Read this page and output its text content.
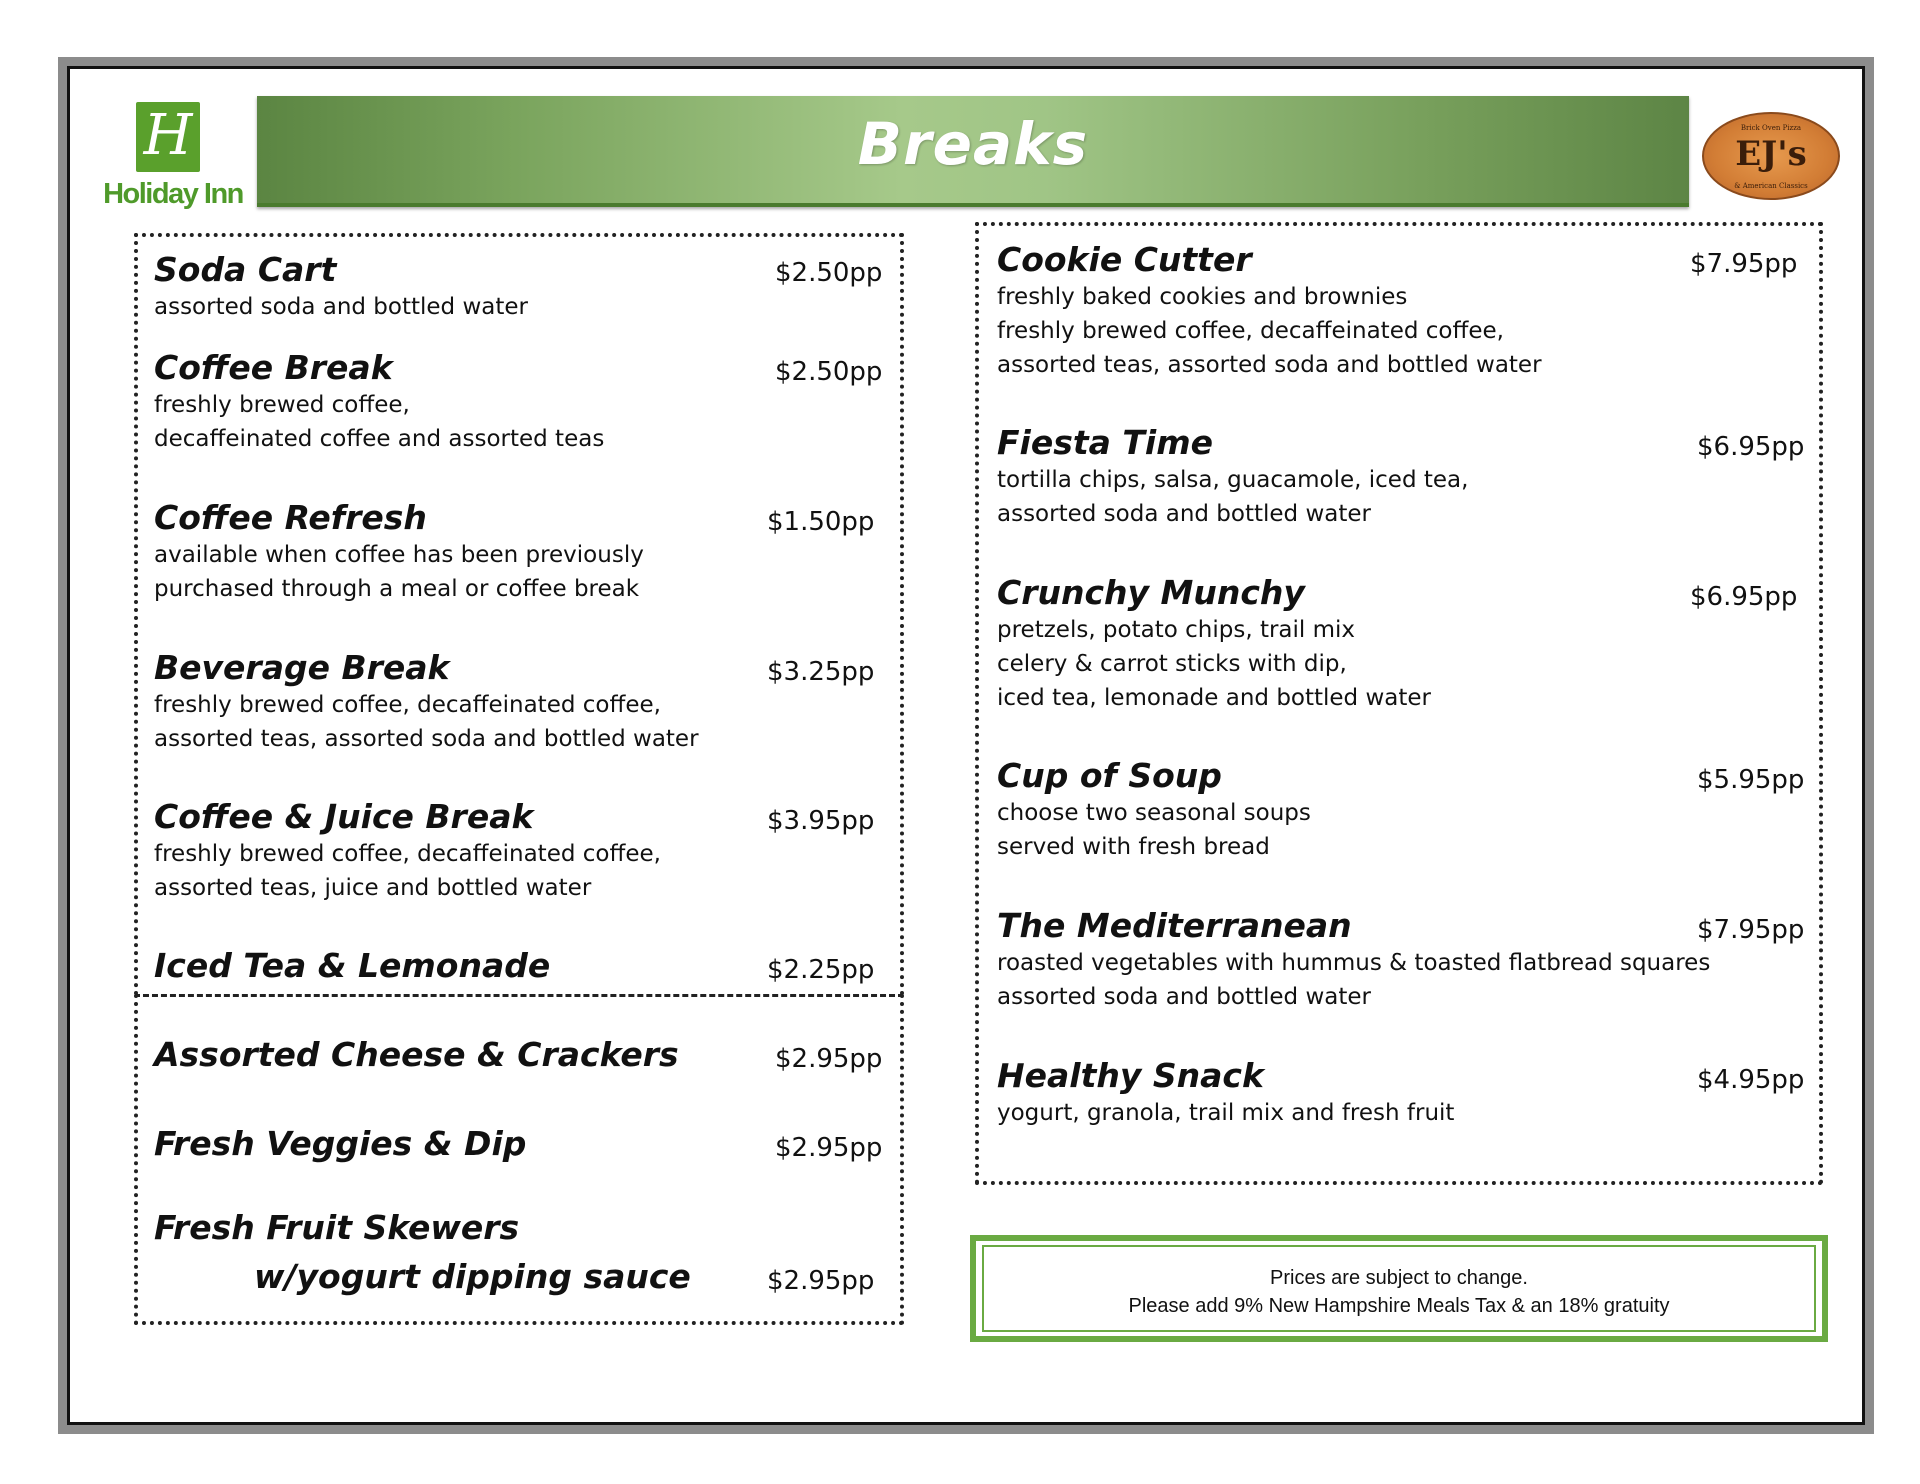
H
Holiday Inn
Breaks	Brick Oven Pizza
EJ's
& American Classics
Soda Cart
assorted soda and bottled water
$2.50pp
Coffee Break
freshly brewed coffee,
decaffeinated coffee and assorted teas
$2.50pp
Coffee Refresh
available when coffee has been previously
purchased through a meal or coffee break
$1.50pp
Beverage Break
freshly brewed coffee, decaffeinated coffee,
assorted teas, assorted soda and bottled water
$3.25pp
Coffee & Juice Break
freshly brewed coffee, decaffeinated coffee,
assorted teas, juice and bottled water
$3.95pp
Iced Tea & Lemonade	$2.25pp
Assorted Cheese & Crackers	$2.95pp
Fresh Veggies & Dip	$2.95pp
Fresh Fruit Skewers
w/yogurt dipping sauce	$2.95pp
Cookie Cutter
freshly baked cookies and brownies
freshly brewed coffee, decaffeinated coffee,
assorted teas, assorted soda and bottled water
$7.95pp
Fiesta Time
tortilla chips, salsa, guacamole, iced tea,
assorted soda and bottled water
$6.95pp
Crunchy Munchy
pretzels, potato chips, trail mix
celery & carrot sticks with dip,
iced tea, lemonade and bottled water
$6.95pp
Cup of Soup
choose two seasonal soups
served with fresh bread
$5.95pp
The Mediterranean
roasted vegetables with hummus & toasted flatbread squares
assorted soda and bottled water
$7.95pp
Healthy Snack
yogurt, granola, trail mix and fresh fruit
$4.95pp
Prices are subject to change.
Please add 9% New Hampshire Meals Tax & an 18% gratuity
